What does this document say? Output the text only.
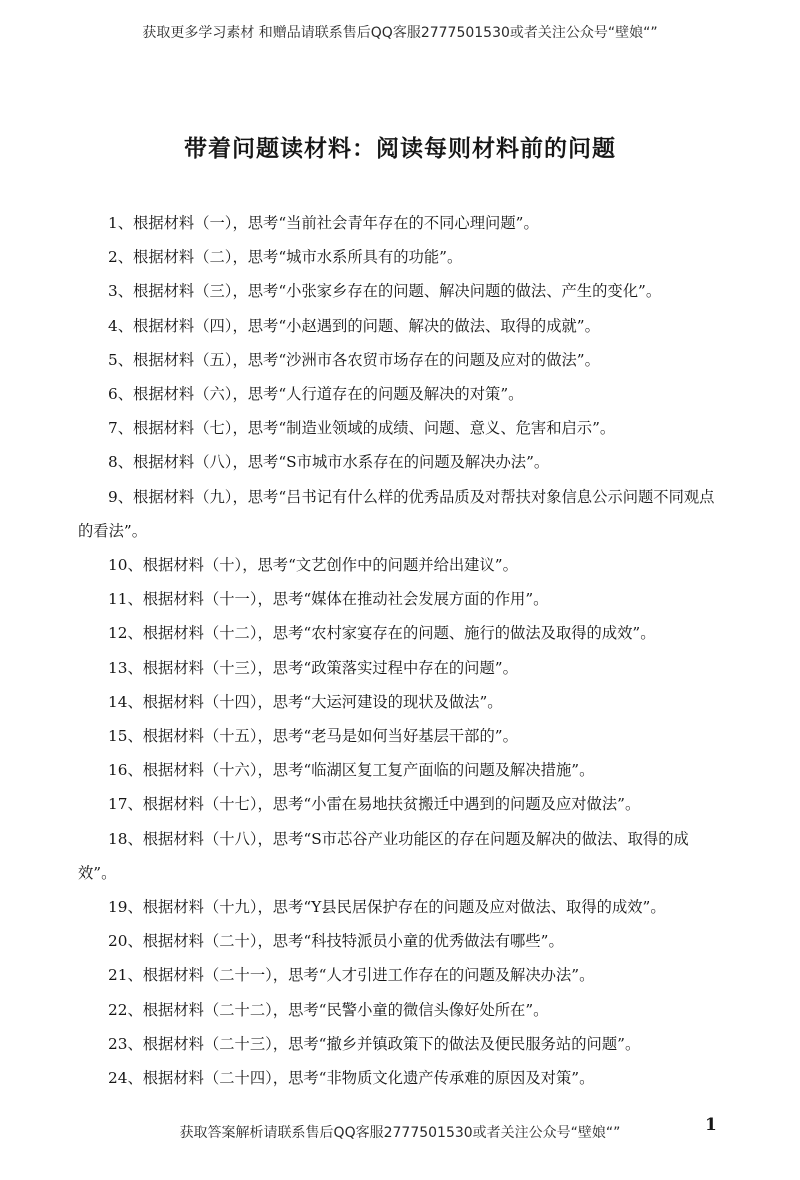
获取更多学习素材 和赠品请联系售后QQ客服2777501530或者关注公众号“壁娘“”
带着问题读材料：阅读每则材料前的问题

1、根据材料（一），思考“当前社会青年存在的不同心理问题”。

2、根据材料（二），思考“城市水系所具有的功能”。

3、根据材料（三），思考“小张家乡存在的问题、解决问题的做法、产生的变化”。

4、根据材料（四），思考“小赵遇到的问题、解决的做法、取得的成就”。

5、根据材料（五），思考“沙洲市各农贸市场存在的问题及应对的做法”。

6、根据材料（六），思考“人行道存在的问题及解决的对策”。

7、根据材料（七），思考“制造业领域的成绩、问题、意义、危害和启示”。

8、根据材料（八），思考“S市城市水系存在的问题及解决办法”。

9、根据材料（九），思考“吕书记有什么样的优秀品质及对帮扶对象信息公示问题不同观点的看法”。

10、根据材料（十），思考“文艺创作中的问题并给出建议”。

11、根据材料（十一），思考“媒体在推动社会发展方面的作用”。

12、根据材料（十二），思考“农村家宴存在的问题、施行的做法及取得的成效”。

13、根据材料（十三），思考“政策落实过程中存在的问题”。

14、根据材料（十四），思考“大运河建设的现状及做法”。

15、根据材料（十五），思考“老马是如何当好基层干部的”。

16、根据材料（十六），思考“临湖区复工复产面临的问题及解决措施”。

17、根据材料（十七），思考“小雷在易地扶贫搬迁中遇到的问题及应对做法”。

18、根据材料（十八），思考“S市芯谷产业功能区的存在问题及解决的做法、取得的成效”。

19、根据材料（十九），思考“Y县民居保护存在的问题及应对做法、取得的成效”。

20、根据材料（二十），思考“科技特派员小童的优秀做法有哪些”。

21、根据材料（二十一），思考“人才引进工作存在的问题及解决办法”。

22、根据材料（二十二），思考“民警小童的微信头像好处所在”。

23、根据材料（二十三），思考“撤乡并镇政策下的做法及便民服务站的问题”。

24、根据材料（二十四），思考“非物质文化遗产传承难的原因及对策”。

获取答案解析请联系售后QQ客服2777501530或者关注公众号“壁娘“”	1
